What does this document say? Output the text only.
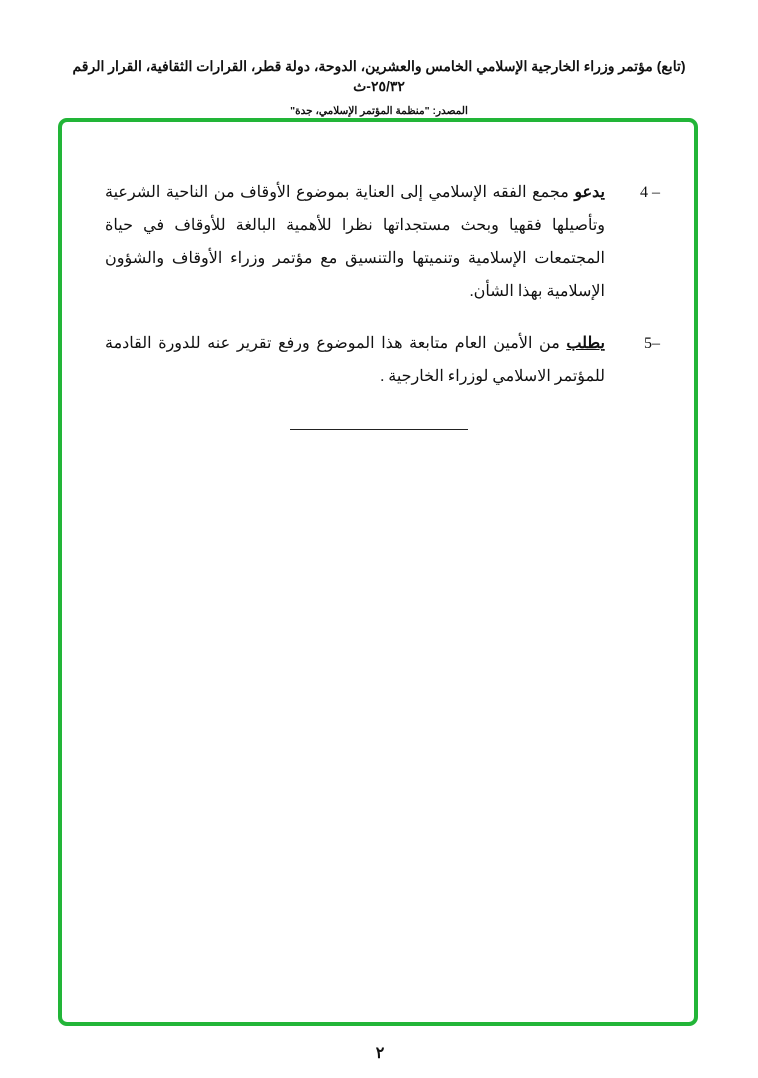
(تابع) مؤتمر وزراء الخارجية الإسلامي الخامس والعشرين، الدوحة، دولة قطر، القرارات الثقافية، القرار الرقم ٢٥/٣٢-ث
المصدر: "منظمة المؤتمر الإسلامي، جدة"
4 –
يدعو مجمع الفقه الإسلامي إلى العناية بموضوع الأوقاف من الناحية الشرعية وتأصيلها فقهيا وبحث مستجداتها نظرا للأهمية البالغة للأوقاف في حياة المجتمعات الإسلامية وتنميتها والتنسيق مع مؤتمر وزراء الأوقاف والشؤون الإسلامية بهذا الشأن.
5–
يطلب من الأمين العام متابعة هذا الموضوع ورفع تقرير عنه للدورة القادمة للمؤتمر الاسلامي لوزراء الخارجية .
٢
